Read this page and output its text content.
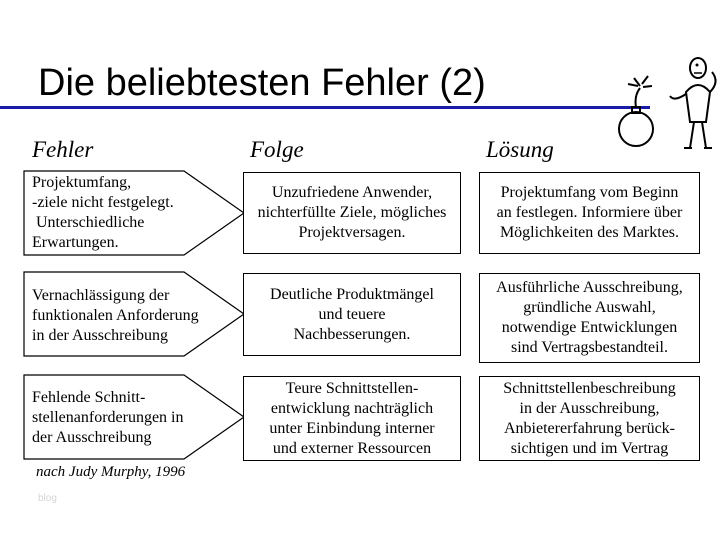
Die beliebtesten Fehler (2)
Fehler	Folge	Lösung
Projektumfang,
-ziele nicht festgelegt.
Unterschiedliche
Erwartungen.
Unzufriedene Anwender,
nichterfüllte Ziele, mögliches
Projektversagen.
Projektumfang vom Beginn
an festlegen. Informiere über
Möglichkeiten des Marktes.
Vernachlässigung der
funktionalen Anforderung
in der Ausschreibung
Deutliche Produktmängel
und teuere
Nachbesserungen.
Ausführliche Ausschreibung,
gründliche Auswahl,
notwendige Entwicklungen
sind Vertragsbestandteil.
Fehlende Schnitt-
stellenanforderungen in
der Ausschreibung
Teure Schnittstellen-
entwicklung nachträglich
unter Einbindung interner
und externer Ressourcen
Schnittstellenbeschreibung
in der Ausschreibung,
Anbietererfahrung berück-
sichtigen und im Vertrag
nach Judy Murphy, 1996
blog
